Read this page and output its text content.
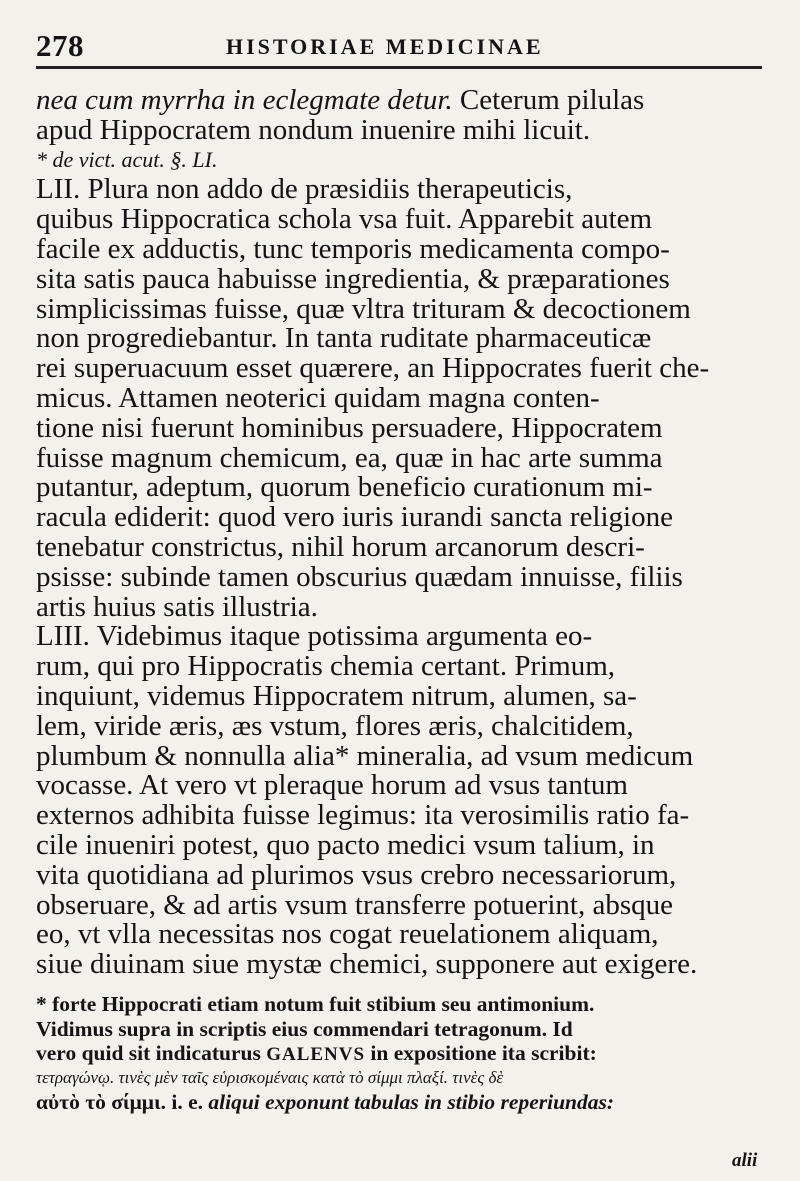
278	HISTORIAE MEDICINAE
nea cum myrrha in eclegmate detur. Ceterum pilulas
apud Hippocratem nondum inuenire mihi licuit.
* de vict. acut. §. LI.
LII. Plura non addo de præsidiis therapeuticis,
quibus Hippocratica schola vsa fuit. Apparebit autem
facile ex adductis, tunc temporis medicamenta compo-
sita satis pauca habuisse ingredientia, & præparationes
simplicissimas fuisse, quæ vltra trituram & decoctionem
non progrediebantur. In tanta ruditate pharmaceuticæ
rei superuacuum esset quærere, an Hippocrates fuerit che-
micus. Attamen neoterici quidam magna conten-
tione nisi fuerunt hominibus persuadere, Hippocratem
fuisse magnum chemicum, ea, quæ in hac arte summa
putantur, adeptum, quorum beneficio curationum mi-
racula ediderit: quod vero iuris iurandi sancta religione
tenebatur constrictus, nihil horum arcanorum descri-
psisse: subinde tamen obscurius quædam innuisse, filiis
artis huius satis illustria.
LIII. Videbimus itaque potissima argumenta eo-
rum, qui pro Hippocratis chemia certant. Primum,
inquiunt, videmus Hippocratem nitrum, alumen, sa-
lem, viride æris, æs vstum, flores æris, chalcitidem,
plumbum & nonnulla alia* mineralia, ad vsum medicum
vocasse. At vero vt pleraque horum ad vsus tantum
externos adhibita fuisse legimus: ita verosimilis ratio fa-
cile inueniri potest, quo pacto medici vsum talium, in
vita quotidiana ad plurimos vsus crebro necessariorum,
obseruare, & ad artis vsum transferre potuerint, absque
eo, vt vlla necessitas nos cogat reuelationem aliquam,
siue diuinam siue mystæ chemici, supponere aut exigere.
* forte Hippocrati etiam notum fuit stibium seu antimonium.
Vidimus supra in scriptis eius commendari tetragonum. Id
vero quid sit indicaturus GALENVS in expositione ita scribit:
τετραγώνῳ. τινὲς μὲν ταῖς εὑρισκομέναις κατὰ τὸ σίμμι πλαξί. τινὲς δὲ
αὐτὸ τὸ σίμμι. i. e. aliqui exponunt tabulas in stibio reperiundas:
alii
